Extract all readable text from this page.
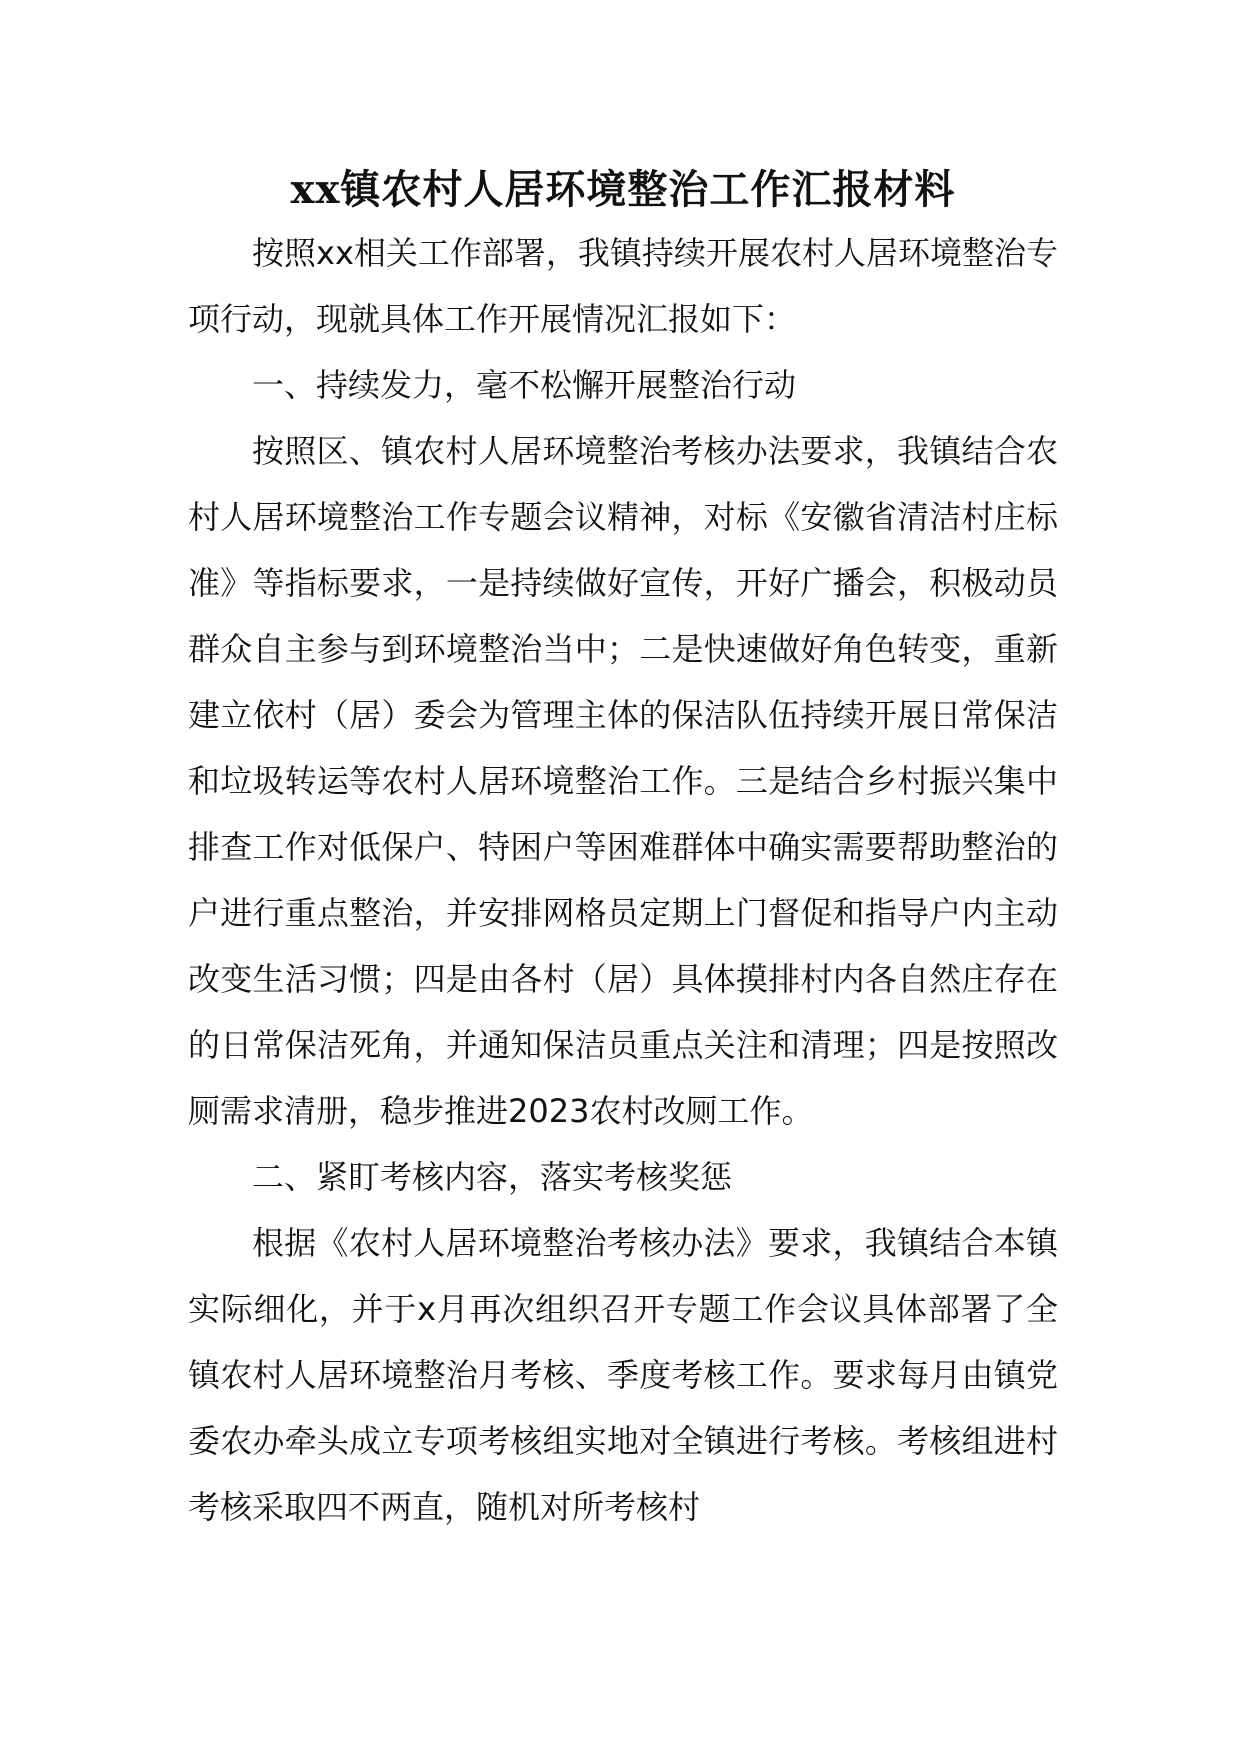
xx镇农村人居环境整治工作汇报材料

按照xx相关工作部署，我镇持续开展农村人居环境整治专项行动，现就具体工作开展情况汇报如下：

一、持续发力，毫不松懈开展整治行动

按照区、镇农村人居环境整治考核办法要求，我镇结合农村人居环境整治工作专题会议精神，对标《安徽省清洁村庄标准》等指标要求，一是持续做好宣传，开好广播会，积极动员群众自主参与到环境整治当中；二是快速做好角色转变，重新建立依村（居）委会为管理主体的保洁队伍持续开展日常保洁和垃圾转运等农村人居环境整治工作。三是结合乡村振兴集中排查工作对低保户、特困户等困难群体中确实需要帮助整治的户进行重点整治，并安排网格员定期上门督促和指导户内主动改变生活习惯；四是由各村（居）具体摸排村内各自然庄存在的日常保洁死角，并通知保洁员重点关注和清理；四是按照改厕需求清册，稳步推进2023农村改厕工作。

二、紧盯考核内容，落实考核奖惩

根据《农村人居环境整治考核办法》要求，我镇结合本镇实际细化，并于x月再次组织召开专题工作会议具体部署了全镇农村人居环境整治月考核、季度考核工作。要求每月由镇党委农办牵头成立专项考核组实地对全镇进行考核。考核组进村考核采取四不两直，随机对所考核村
